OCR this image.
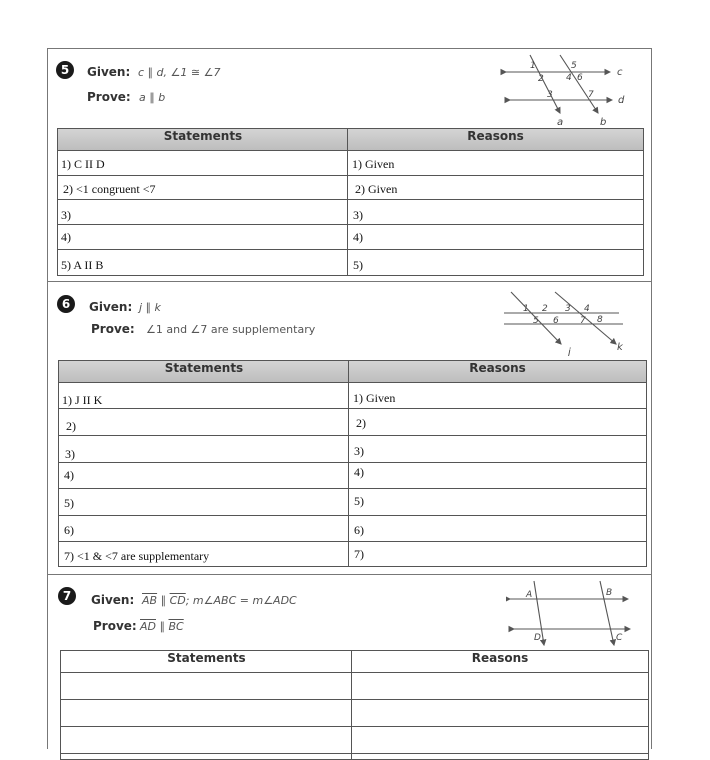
5	Given: c ∥ d, ∠1 ≅ ∠7
Prove: a ∥ b
1
2
3
4
5
6
7
a	b
c
d
Statements	Reasons
1) C II D	1) Given
2) <1 congruent <7	2) Given
3)	3)
4)	4)
5) A II B	5)
6	Given: j ∥ k
Prove: ∠1 and ∠7 are supplementary
1 2 3 4
5 6 7 8
j	k
Statements	Reasons
1) J II K	1) Given
2)	2)
3)	3)
4)	4)
5)	5)
6)	6)
7) <1 & <7 are supplementary	7)
7	Given: $\overline{AB}$ ∥ $\overline{CD}$; m∠ABC = m∠ADC
Prove: $\overline{AD}$ ∥ $\overline{BC}$
A	B
C
D
Statements	Reasons
